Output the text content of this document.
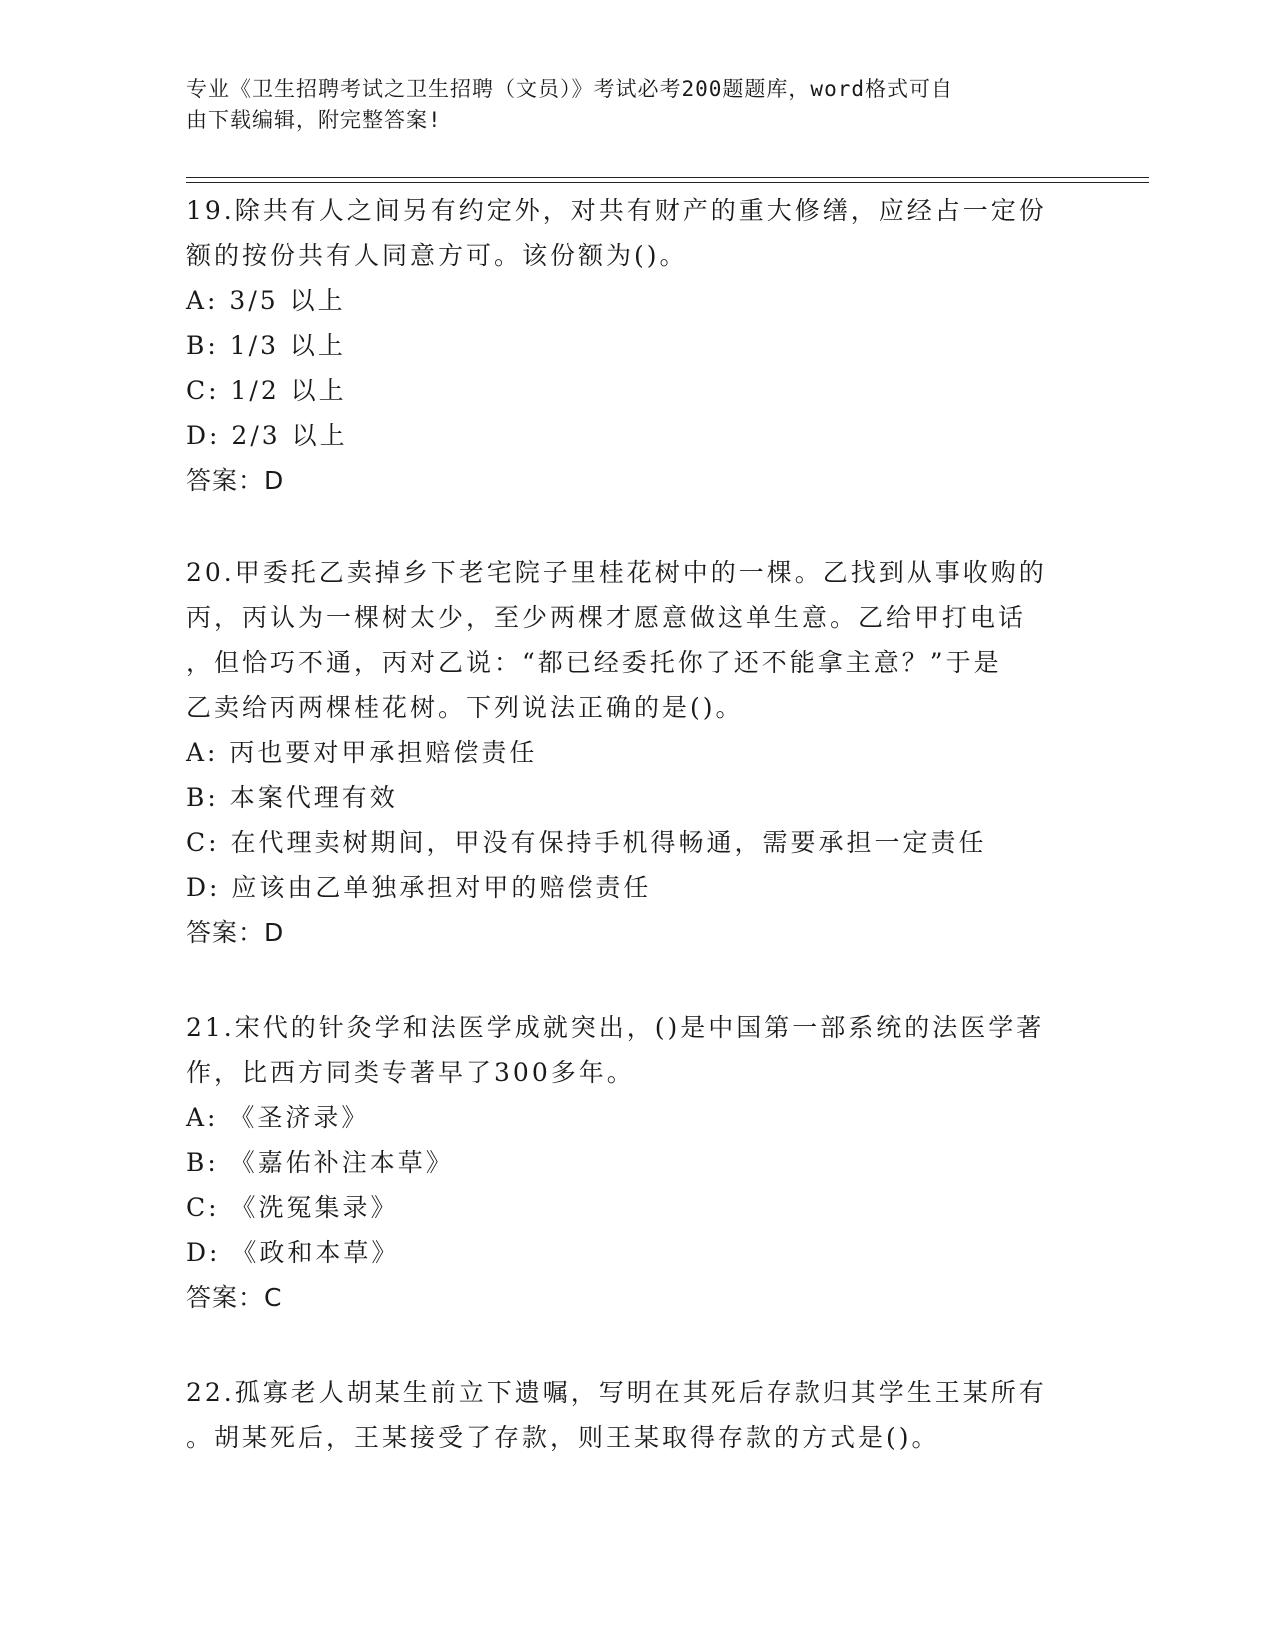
专业《卫生招聘考试之卫生招聘（文员）》考试必考200题题库，word格式可自
由下载编辑，附完整答案!
19.除共有人之间另有约定外，对共有财产的重大修缮，应经占一定份
额的按份共有人同意方可。该份额为()。
A: 3/5 以上
B: 1/3 以上
C: 1/2 以上
D: 2/3 以上
答案：D
20.甲委托乙卖掉乡下老宅院子里桂花树中的一棵。乙找到从事收购的
丙，丙认为一棵树太少，至少两棵才愿意做这单生意。乙给甲打电话
，但恰巧不通，丙对乙说：“都已经委托你了还不能拿主意？”于是
乙卖给丙两棵桂花树。下列说法正确的是()。
A: 丙也要对甲承担赔偿责任
B: 本案代理有效
C: 在代理卖树期间，甲没有保持手机得畅通，需要承担一定责任
D: 应该由乙单独承担对甲的赔偿责任
答案：D
21.宋代的针灸学和法医学成就突出，()是中国第一部系统的法医学著
作，比西方同类专著早了300多年。
A: 《圣济录》
B: 《嘉佑补注本草》
C: 《洗冤集录》
D: 《政和本草》
答案：C
22.孤寡老人胡某生前立下遗嘱，写明在其死后存款归其学生王某所有
。胡某死后，王某接受了存款，则王某取得存款的方式是()。
